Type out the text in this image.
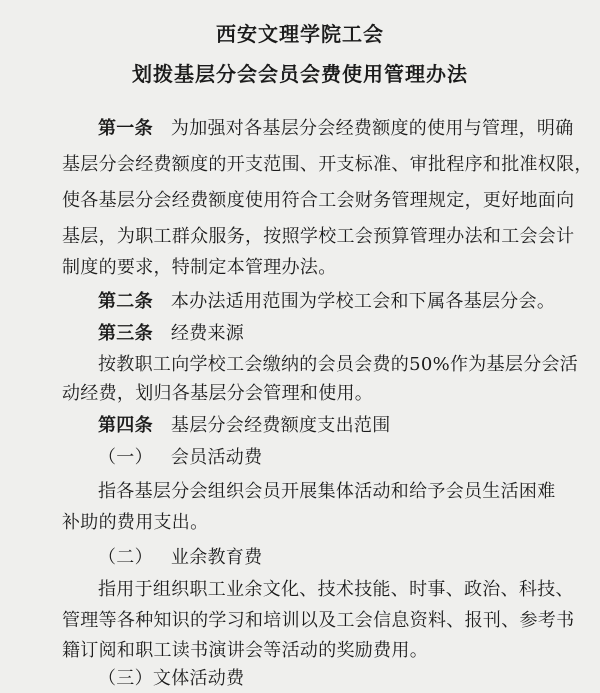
西安文理学院工会
划拨基层分会会员会费使用管理办法
第一条 为加强对各基层分会经费额度的使用与管理，明确
基层分会经费额度的开支范围、开支标准、审批程序和批准权限，
使各基层分会经费额度使用符合工会财务管理规定，更好地面向
基层，为职工群众服务，按照学校工会预算管理办法和工会会计
制度的要求，特制定本管理办法。
第二条 本办法适用范围为学校工会和下属各基层分会。
第三条 经费来源
按教职工向学校工会缴纳的会员会费的50%作为基层分会活
动经费，划归各基层分会管理和使用。
第四条 基层分会经费额度支出范围
（一） 会员活动费
指各基层分会组织会员开展集体活动和给予会员生活困难
补助的费用支出。
（二） 业余教育费
指用于组织职工业余文化、技术技能、时事、政治、科技、
管理等各种知识的学习和培训以及工会信息资料、报刊、参考书
籍订阅和职工读书演讲会等活动的奖励费用。
（三）文体活动费
